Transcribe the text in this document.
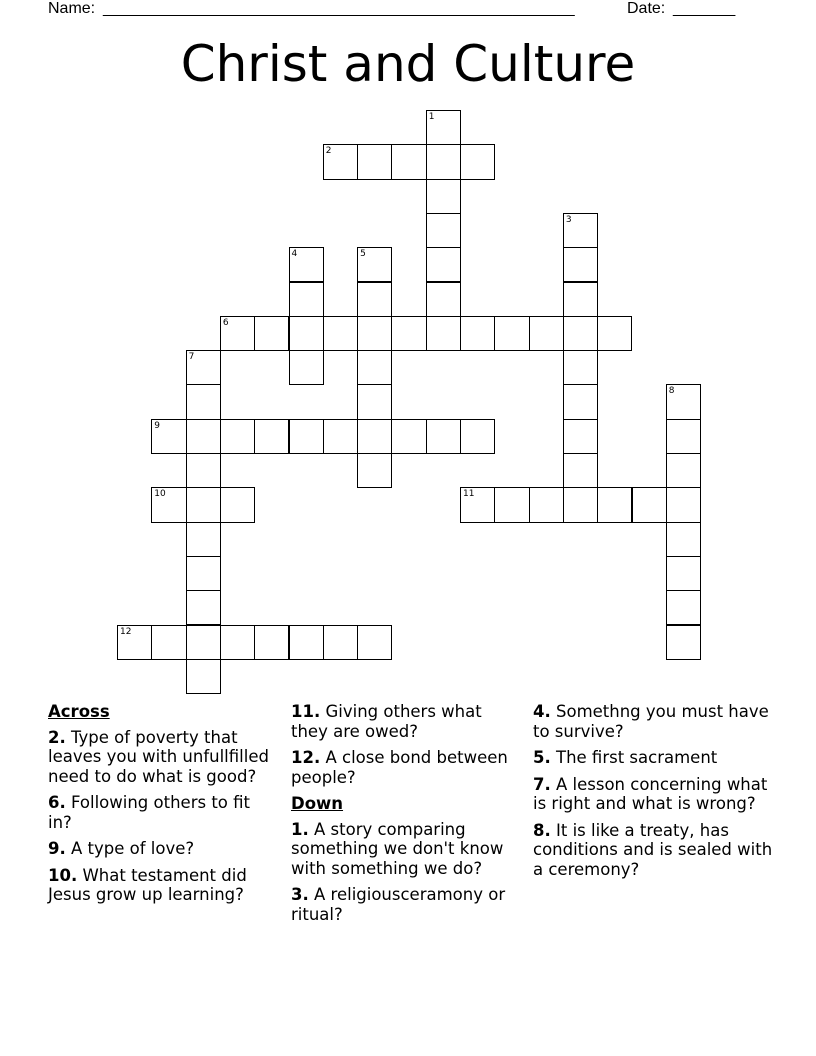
Name: _____________________________________________________	Date: _______
Christ and Culture
1
2
3
4	5
6
7
8
9
10	11
12
Across
2. Type of poverty that leaves you with unfullfilled need to do what is good?
6. Following others to fit in?
9. A type of love?
10. What testament did Jesus grow up learning?
11. Giving others what they are owed?
12. A close bond between people?
Down
1. A story comparing something we don't know with something we do?
3. A religiousceramony or ritual?
4. Somethng you must have to survive?
5. The first sacrament
7. A lesson concerning what is right and what is wrong?
8. It is like a treaty, has conditions and is sealed with a ceremony?
